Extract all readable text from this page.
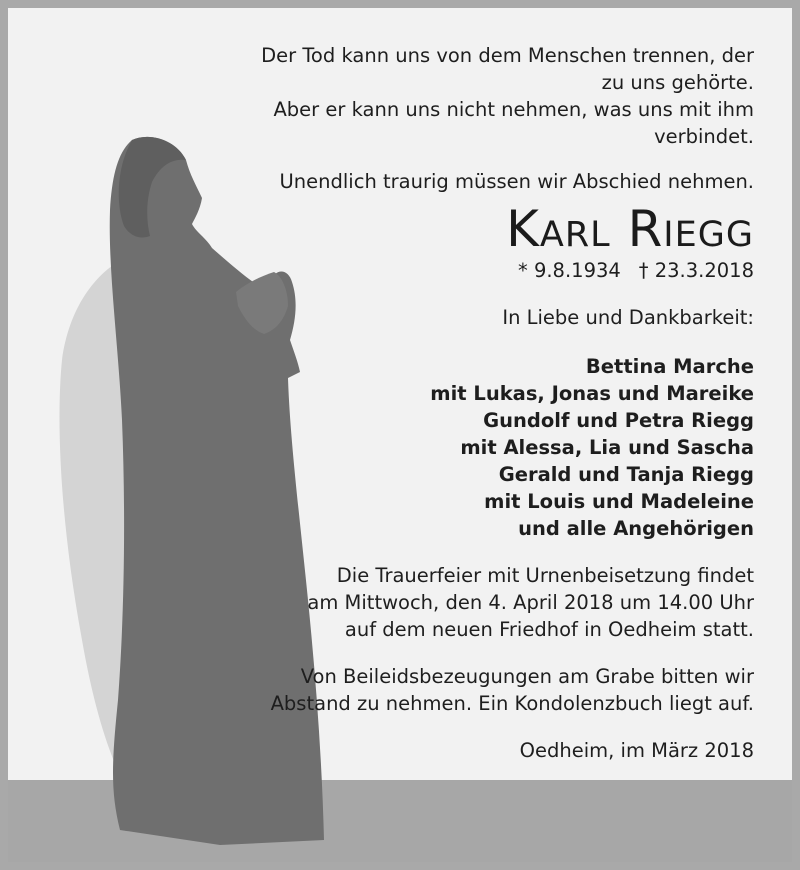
Der Tod kann uns von dem Menschen trennen, der zu uns gehörte.

Aber er kann uns nicht nehmen, was uns mit ihm verbindet.

Unendlich traurig müssen wir Abschied nehmen.

Karl Riegg

* 9.8.1934 † 23.3.2018

In Liebe und Dankbarkeit:

Bettina Marche

mit Lukas, Jonas und Mareike

Gundolf und Petra Riegg

mit Alessa, Lia und Sascha

Gerald und Tanja Riegg

mit Louis und Madeleine

und alle Angehörigen

Die Trauerfeier mit Urnenbeisetzung findet

am Mittwoch, den 4. April 2018 um 14.00 Uhr

auf dem neuen Friedhof in Oedheim statt.

Von Beileidsbezeugungen am Grabe bitten wir

Abstand zu nehmen. Ein Kondolenzbuch liegt auf.

Oedheim, im März 2018
